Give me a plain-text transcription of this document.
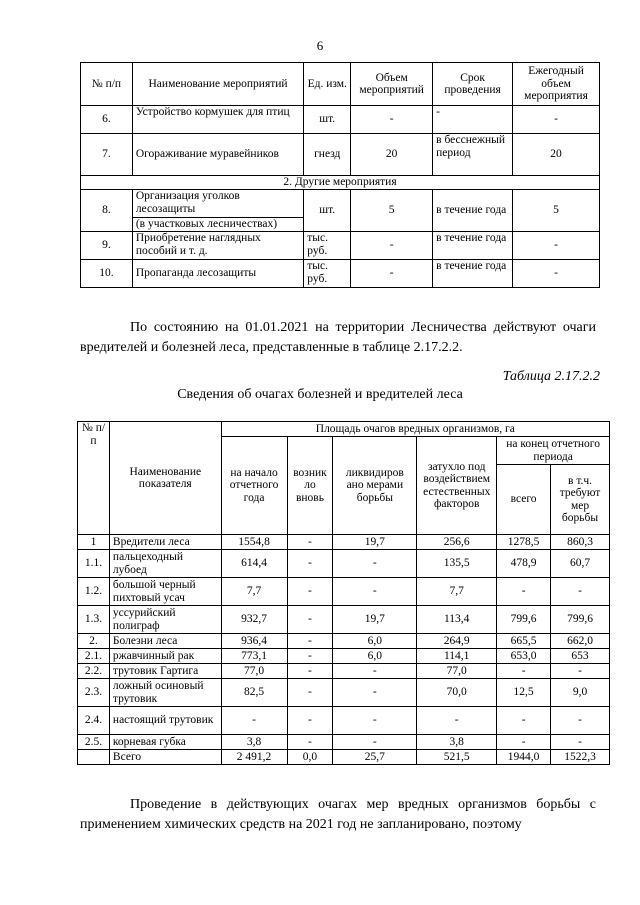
6
№ п/п	Наименование мероприятий	Ед. изм.	Объем мероприятий	Срок проведения	Ежегодный объем мероприятия
6.	Устройство кормушек для птиц	шт.	-	-	-
7.	Огораживание муравейников	гнезд	20	в бесснежный период	20
2. Другие мероприятия					
8.	Организация уголков лесозащиты	шт.	5	в течение года	5
	(в участковых лесничествах)				
9.	Приобретение наглядных пособий и т. д.	тыс. руб.	-	в течение года	-
10.	Пропаганда лесозащиты	тыс. руб.	-	в течение года	-
По состоянию на 01.01.2021 на территории Лесничества действуют очаги вредителей и болезней леса, представленные в таблице 2.17.2.2.
Таблица 2.17.2.2
Сведения об очагах болезней и вредителей леса
№ п/п	Наименование показателя	Площадь очагов вредных организмов, га					
		на начало отчетного года	возник ло вновь	ликвидиров ано мерами борьбы	затухло под воздействием естественных факторов	на конец отчетного периода	
						всего	в т.ч. требуют мер борьбы
1	Вредители леса	1554,8	-	19,7	256,6	1278,5	860,3
1.1.	пальцеходный лубоед	614,4	-	-	135,5	478,9	60,7
1.2.	большой черный пихтовый усач	7,7	-	-	7,7	-	-
1.3.	уссурийский полиграф	932,7	-	19,7	113,4	799,6	799,6
2.	Болезни леса	936,4	-	6,0	264,9	665,5	662,0
2.1.	ржавчинный рак	773,1	-	6,0	114,1	653,0	653
2.2.	трутовик Гартига	77,0	-	-	77,0	-	-
2.3.	ложный осиновый трутовик	82,5	-	-	70,0	12,5	9,0
2.4.	настоящий трутовик	-	-	-	-	-	-
2.5.	корневая губка	3,8	-	-	3,8	-	-
	Всего	2 491,2	0,0	25,7	521,5	1944,0	1522,3
Проведение в действующих очагах мер вредных организмов борьбы с применением химических средств на 2021 год не запланировано, поэтому
